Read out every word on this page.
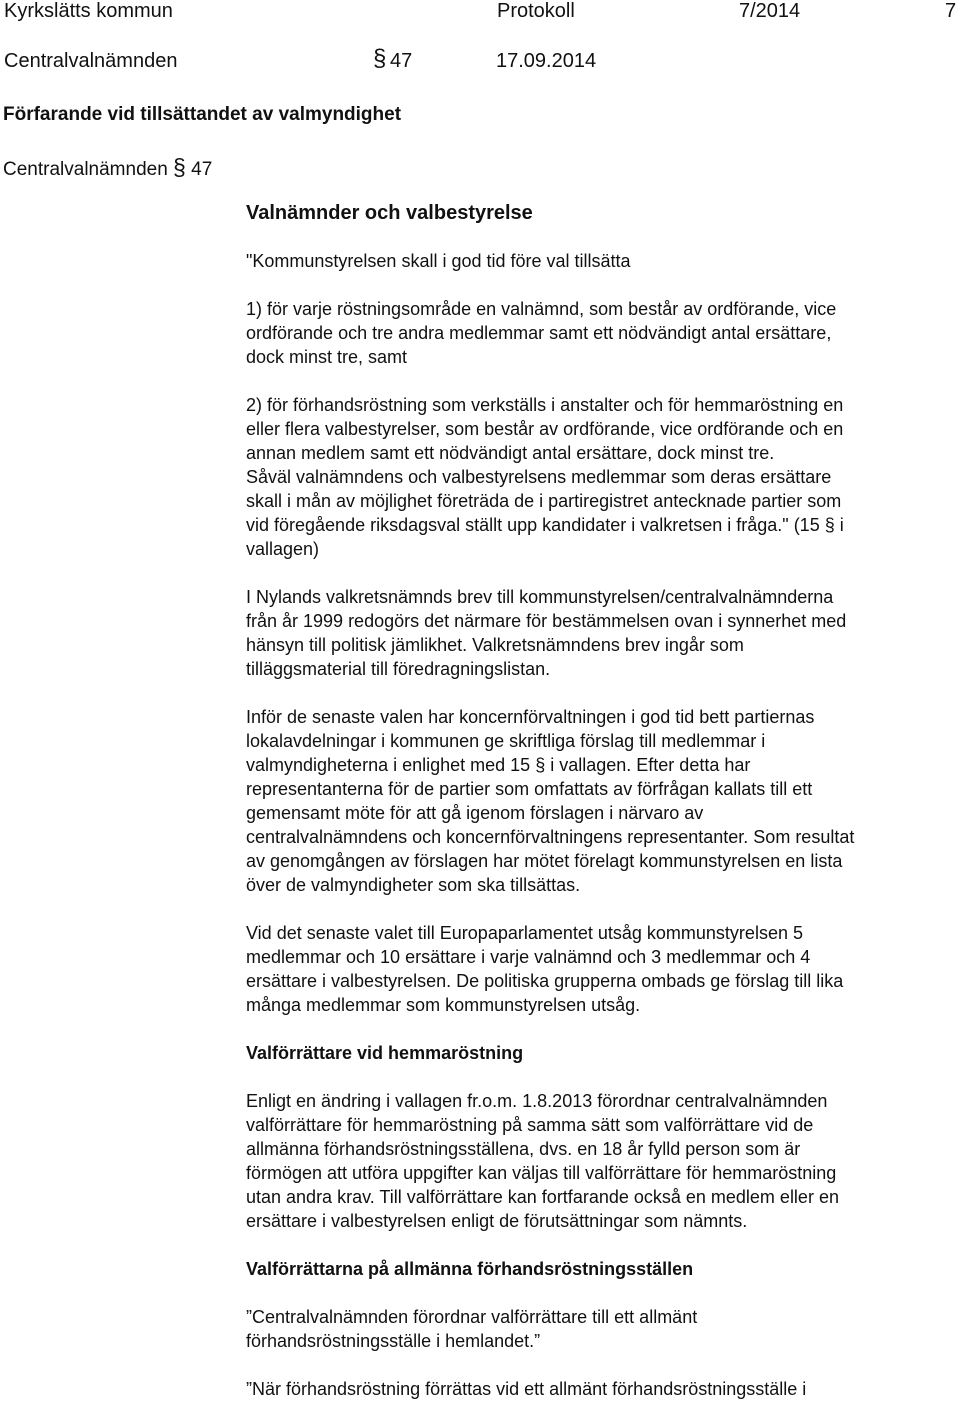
Kyrkslätts kommun	Protokoll	7/2014	7
Centralvalnämnden	§ 47	17.09.2014
Förfarande vid tillsättandet av valmyndighet
Centralvalnämnden § 47
Valnämnder och valbestyrelse
"Kommunstyrelsen skall i god tid före val tillsätta
1) för varje röstningsområde en valnämnd, som består av ordförande, vice
ordförande och tre andra medlemmar samt ett nödvändigt antal ersättare,
dock minst tre, samt
2) för förhandsröstning som verkställs i anstalter och för hemmaröstning en
eller flera valbestyrelser, som består av ordförande, vice ordförande och en
annan medlem samt ett nödvändigt antal ersättare, dock minst tre.
Såväl valnämndens och valbestyrelsens medlemmar som deras ersättare
skall i mån av möjlighet företräda de i partiregistret antecknade partier som
vid föregående riksdagsval ställt upp kandidater i valkretsen i fråga." (15 § i
vallagen)
I Nylands valkretsnämnds brev till kommunstyrelsen/centralvalnämnderna
från år 1999 redogörs det närmare för bestämmelsen ovan i synnerhet med
hänsyn till politisk jämlikhet. Valkretsnämndens brev ingår som
tilläggsmaterial till föredragningslistan.
Inför de senaste valen har koncernförvaltningen i god tid bett partiernas
lokalavdelningar i kommunen ge skriftliga förslag till medlemmar i
valmyndigheterna i enlighet med 15 § i vallagen. Efter detta har
representanterna för de partier som omfattats av förfrågan kallats till ett
gemensamt möte för att gå igenom förslagen i närvaro av
centralvalnämndens och koncernförvaltningens representanter. Som resultat
av genomgången av förslagen har mötet förelagt kommunstyrelsen en lista
över de valmyndigheter som ska tillsättas.
Vid det senaste valet till Europaparlamentet utsåg kommunstyrelsen 5
medlemmar och 10 ersättare i varje valnämnd och 3 medlemmar och 4
ersättare i valbestyrelsen. De politiska grupperna ombads ge förslag till lika
många medlemmar som kommunstyrelsen utsåg.
Valförrättare vid hemmaröstning
Enligt en ändring i vallagen fr.o.m. 1.8.2013 förordnar centralvalnämnden
valförrättare för hemmaröstning på samma sätt som valförrättare vid de
allmänna förhandsröstningsställena, dvs. en 18 år fylld person som är
förmögen att utföra uppgifter kan väljas till valförrättare för hemmaröstning
utan andra krav. Till valförrättare kan fortfarande också en medlem eller en
ersättare i valbestyrelsen enligt de förutsättningar som nämnts.
Valförrättarna på allmänna förhandsröstningsställen
”Centralvalnämnden förordnar valförrättare till ett allmänt
förhandsröstningsställe i hemlandet.”
”När förhandsröstning förrättas vid ett allmänt förhandsröstningsställe i
